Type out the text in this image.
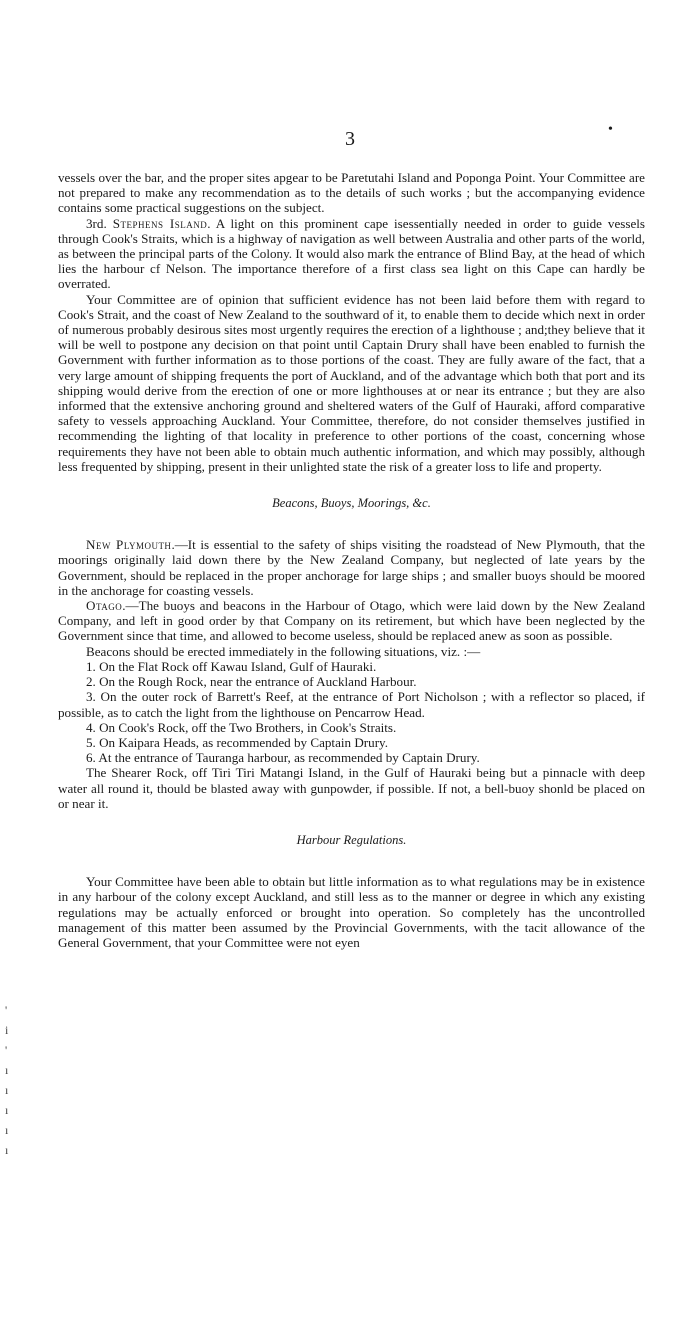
3	•
'
i
'
ı
ı
ı
ı
ı

vessels over the bar, and the proper sites apgear to be Paretutahi Island and Poponga Point. Your Committee are not prepared to make any recommendation as to the details of such works ; but the accompanying evidence contains some practical suggestions on the subject.

3rd. Stephens Island. A light on this prominent cape isessentially needed in order to guide vessels through Cook's Straits, which is a highway of navigation as well between Australia and other parts of the world, as between the principal parts of the Colony. It would also mark the entrance of Blind Bay, at the head of which lies the harbour cf Nelson. The importance therefore of a first class sea light on this Cape can hardly be overrated.

Your Committee are of opinion that sufficient evidence has not been laid before them with regard to Cook's Strait, and the coast of New Zealand to the southward of it, to enable them to decide which next in order of numerous probably desirous sites most urgently requires the erection of a lighthouse ; and;they believe that it will be well to postpone any decision on that point until Captain Drury shall have been enabled to furnish the Government with further information as to those portions of the coast. They are fully aware of the fact, that a very large amount of shipping frequents the port of Auckland, and of the advantage which both that port and its shipping would derive from the erection of one or more lighthouses at or near its entrance ; but they are also informed that the extensive anchoring ground and sheltered waters of the Gulf of Hauraki, afford comparative safety to vessels approaching Auckland. Your Committee, therefore, do not consider themselves justified in recommending the lighting of that locality in preference to other portions of the coast, concerning whose requirements they have not been able to obtain much authentic information, and which may possibly, although less frequented by shipping, present in their unlighted state the risk of a greater loss to life and property.

Beacons, Buoys, Moorings, &c.

New Plymouth.—It is essential to the safety of ships visiting the roadstead of New Plymouth, that the moorings originally laid down there by the New Zealand Company, but neglected of late years by the Government, should be replaced in the proper anchorage for large ships ; and smaller buoys should be moored in the anchorage for coasting vessels.

Otago.—The buoys and beacons in the Harbour of Otago, which were laid down by the New Zealand Company, and left in good order by that Company on its retirement, but which have been neglected by the Government since that time, and allowed to become useless, should be replaced anew as soon as possible.

Beacons should be erected immediately in the following situations, viz. :—

1. On the Flat Rock off Kawau Island, Gulf of Hauraki.

2. On the Rough Rock, near the entrance of Auckland Harbour.

3. On the outer rock of Barrett's Reef, at the entrance of Port Nicholson ; with a reflector so placed, if possible, as to catch the light from the lighthouse on Pencarrow Head.

4. On Cook's Rock, off the Two Brothers, in Cook's Straits.

5. On Kaipara Heads, as recommended by Captain Drury.

6. At the entrance of Tauranga harbour, as recommended by Captain Drury.

The Shearer Rock, off Tiri Tiri Matangi Island, in the Gulf of Hauraki being but a pinnacle with deep water all round it, thould be blasted away with gunpowder, if possible. If not, a bell-buoy shonld be placed on or near it.

Harbour Regulations.

Your Committee have been able to obtain but little information as to what regulations may be in existence in any harbour of the colony except Auckland, and still less as to the manner or degree in which any existing regulations may be actually enforced or brought into operation. So completely has the uncontrolled management of this matter been assumed by the Provincial Governments, with the tacit allowance of the General Government, that your Committee were not eyen
